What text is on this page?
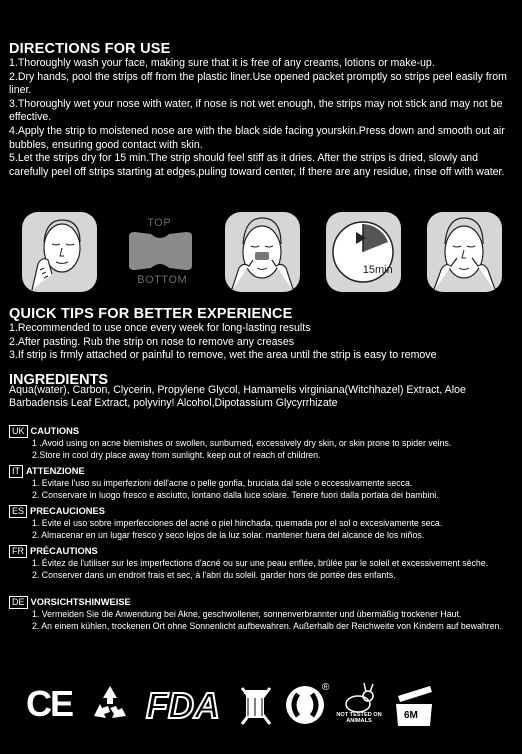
DIRECTIONS FOR USE
1.Thoroughly wash your face, making sure that it is free of any creams, lotions or make-up.
2.Dry hands, pool the strips off from the plastic liner.Use opened packet promptly so strips peel easily from liner.
3.Thoroughly wet your nose with water, if nose is not wet enough, the strips may not stick and may not be effective.
4.Apply the strip to moistened nose are with the black side facing yourskin.Press down and smooth out air bubbles, ensuring good contact with skin.
5.Let the strips dry for 15 min.The strip should feel stiff as it dries. After the strips is dried, slowly and carefully peel off strips starting at edges,puling toward center, If there are any residue, rinse off with water.
TOP
BOTTOM
15min
QUICK TIPS FOR BETTER EXPERIENCE
1.Recommended to use once every week for long-lasting results
2.After pasting. Rub the strip on nose to remove any creases
3.If strip is frmly attached or painful to remove, wet the area until the strip is easy to remove
INGREDIENTS
Aqua(water), Carbon, Clycerin, Propylene Glycol, Hamamelis virginiana(Witchhazel) Extract, Aloe Barbadensis Leaf Extract, polyviny! Alcohol,Dipotassium Glycyrrhizate
UK CAUTIONS
1 .Avoid using on acne blemishes or swollen, sunburned, excessively dry skin, or skin prone to spider veins.
2.Store in cool dry place away from sunlight. keep out of reach of children.
IT ATTENZIONE
1. Evitare l'uso su imperfezioni dell'acne o pelle gonfia, bruciata dal sole o eccessivamente secca.
2. Conservare in luogo fresco e asciutto, lontano dalla luce solare. Tenere fuori dalla portata dei bambini.
ES PRECAUCIONES
1. Evite el uso sobre imperfecciones del acné o piel hinchada, quemada por el sol o excesivamente seca.
2. Almacenar en un lugar fresco y seco lejos de la luz solar. mantener fuera del alcance de los niños.
FR PRÉCAUTIONS
1. Évitez de l'utiliser sur les imperfections d'acné ou sur une peau enflée, brûlée par le soleil et excessivement sèche.
2. Conserver dans un endroit frais et sec, à l'abri du soleil. garder hors de portée des enfants.
DE VORSICHTSHINWEISE
1. Vermeiden Sie die Anwendung bei Akne, geschwollener, sonnenverbrannter und übermäßig trockener Haut.
2. An einem kühlen, trockenen Ort ohne Sonnenlicht aufbewahren. Außerhalb der Reichweite von Kindern auf bewahren.
CE FDA	®
NOT TESTED ON ANIMALS	6M
